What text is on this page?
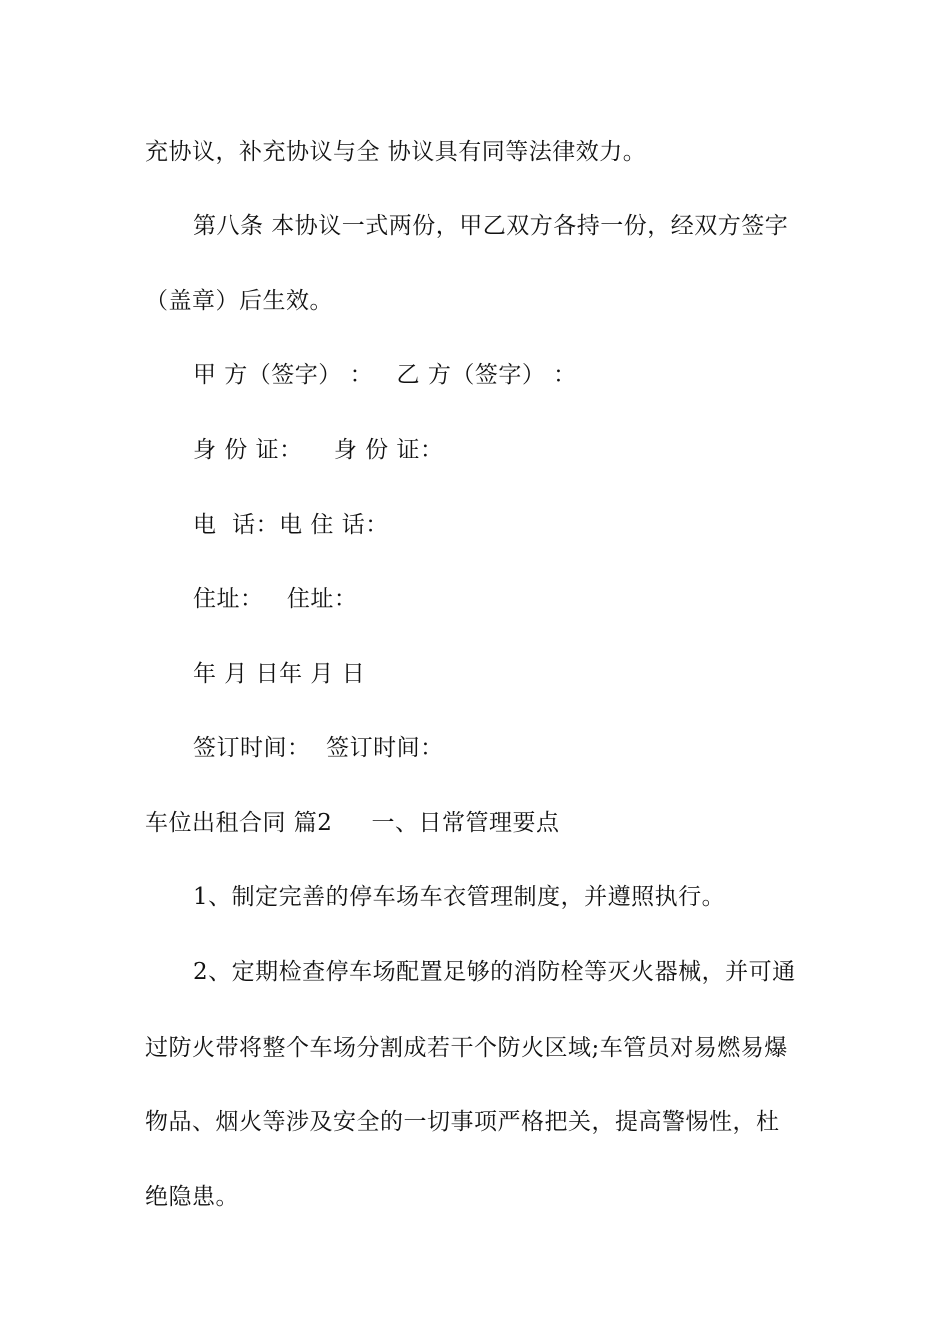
充协议，补充协议与全 协议具有同等法律效力。
第八条 本协议一式两份，甲乙双方各持一份，经双方签字
（盖章）后生效。
甲 方（签字） ：   乙 方（签字） ：
身 份 证：    身 份 证：
电  话：电 住 话：
住址：   住址：
年 月 日年 月 日
签订时间：  签订时间：
车位出租合同 篇2     一、日常管理要点
1、制定完善的停车场车衣管理制度，并遵照执行。
2、定期检查停车场配置足够的消防栓等灭火器械，并可通
过防火带将整个车场分割成若干个防火区域;车管员对易燃易爆
物品、烟火等涉及安全的一切事项严格把关，提高警惕性，杜
绝隐患。
